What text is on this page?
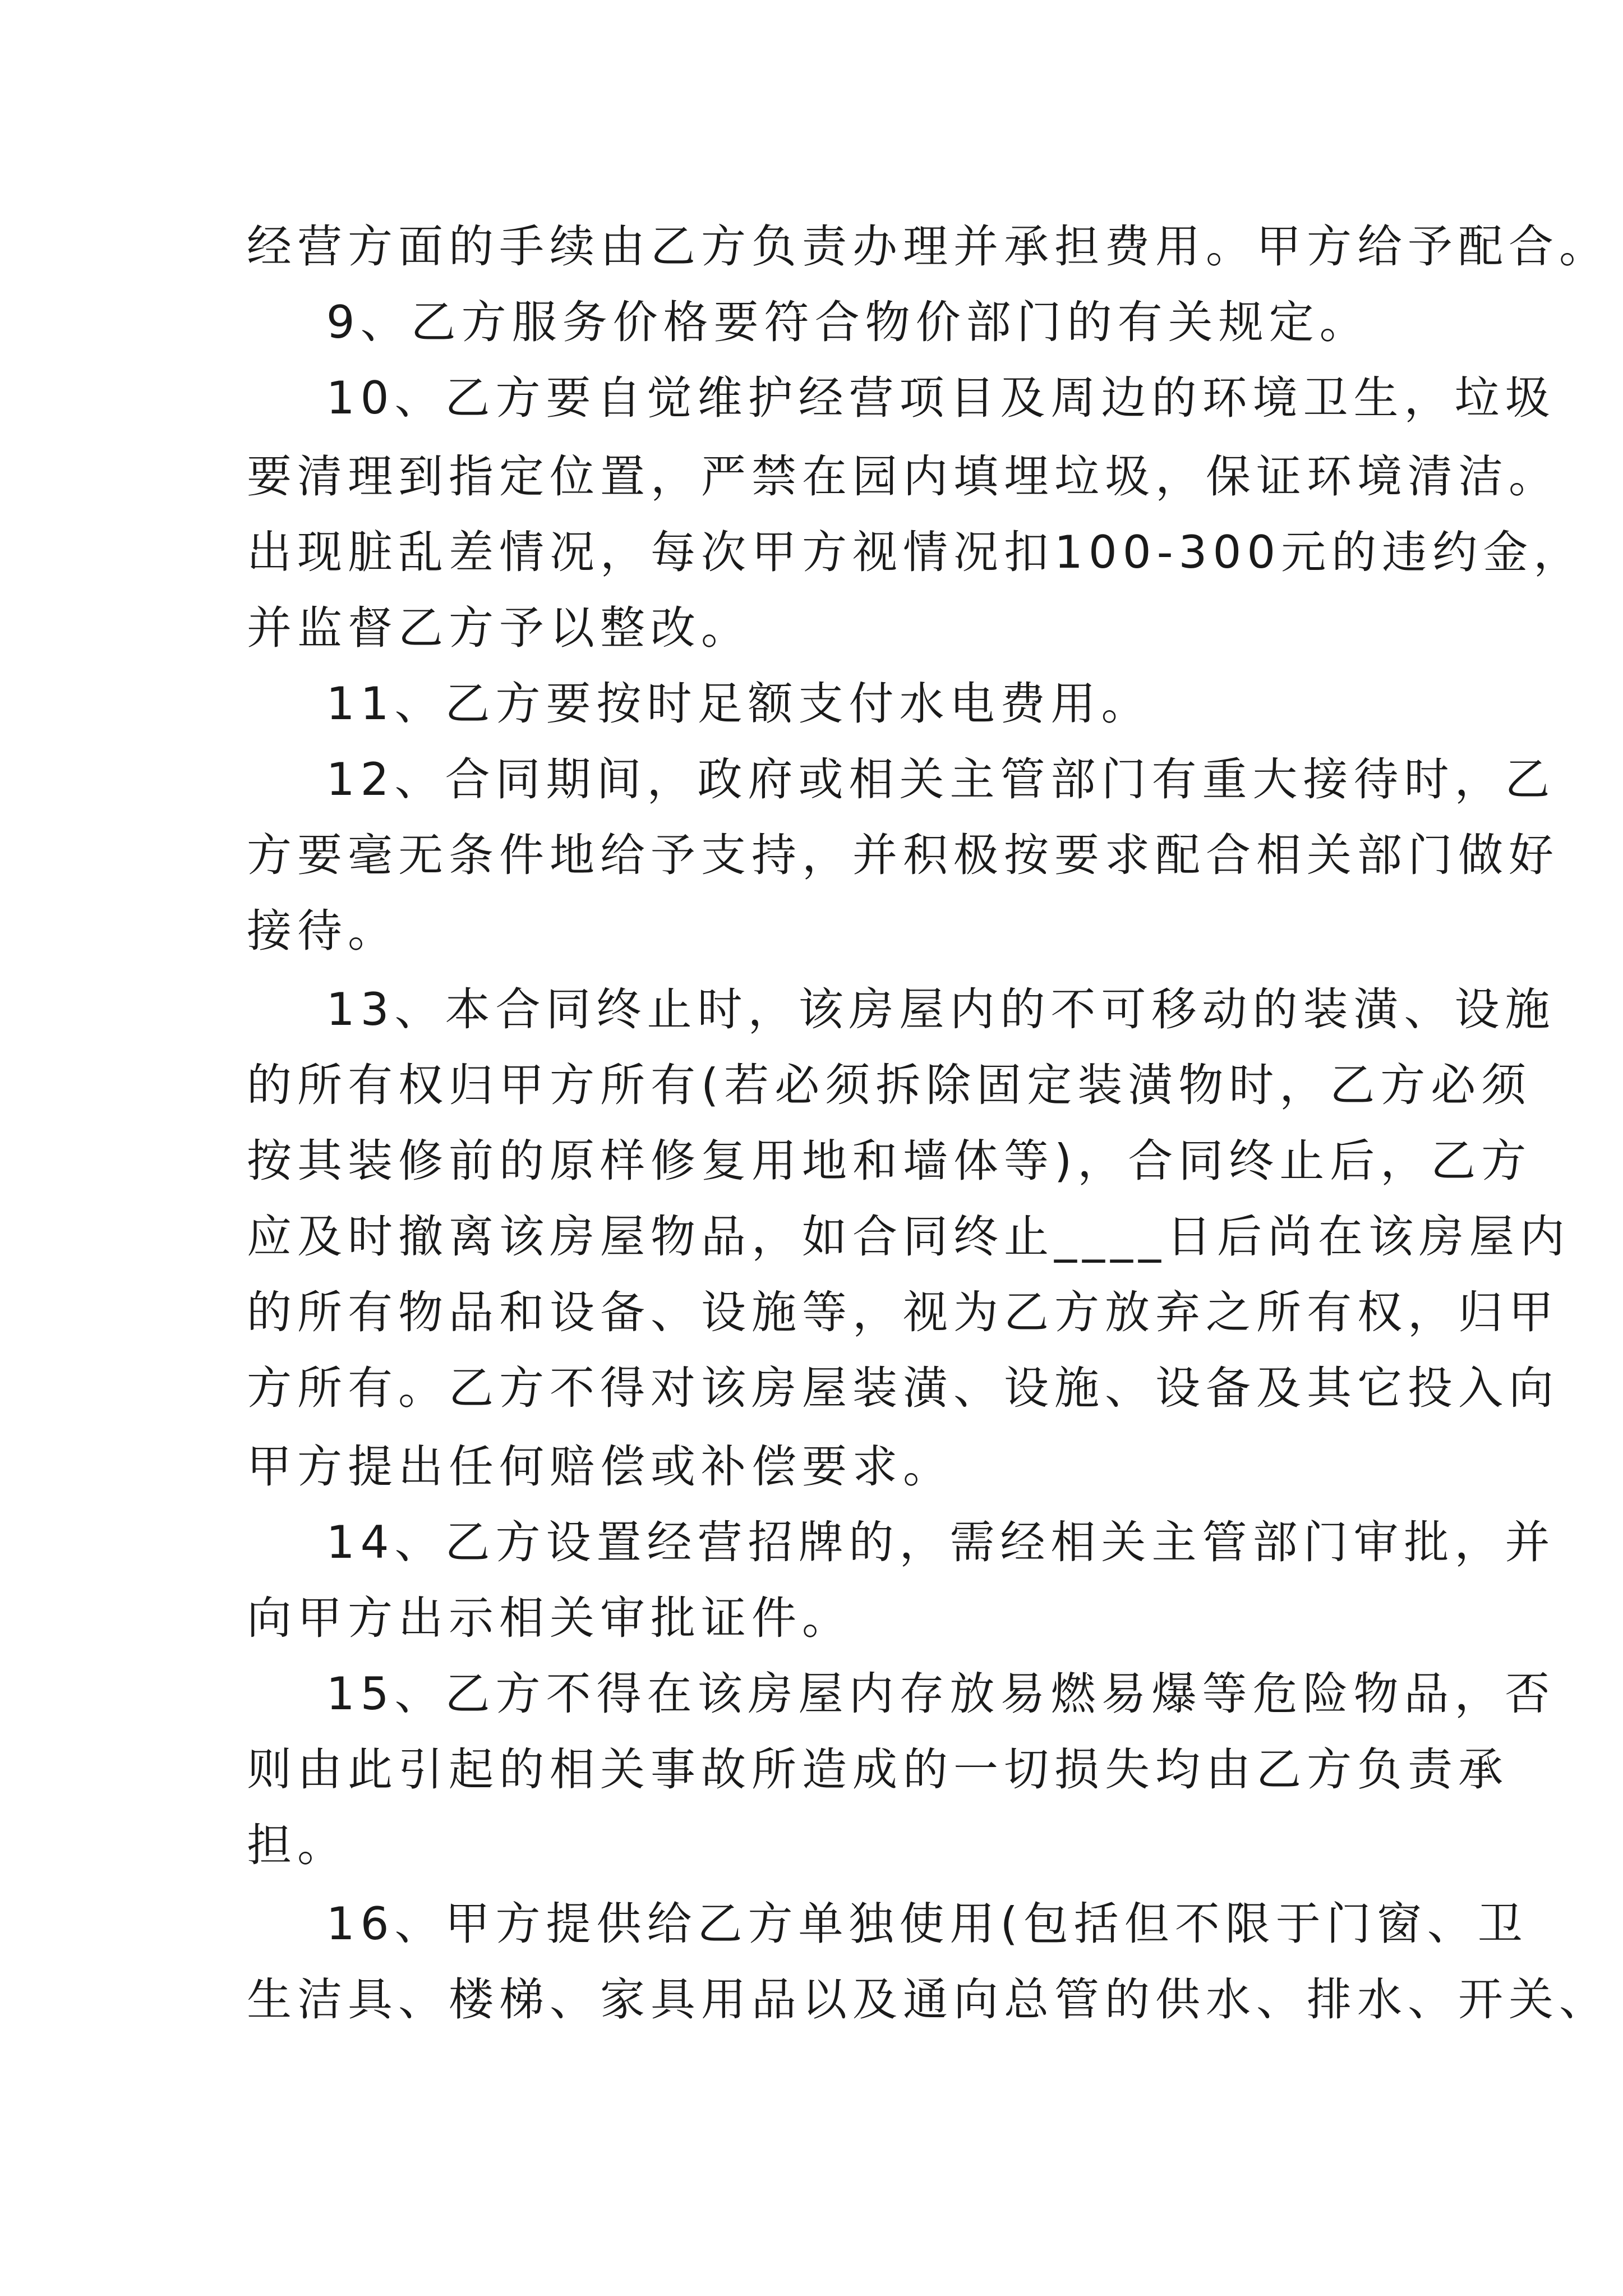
经营方面的手续由乙方负责办理并承担费用。甲方给予配合。
9、乙方服务价格要符合物价部门的有关规定。
10、乙方要自觉维护经营项目及周边的环境卫生，垃圾
要清理到指定位置，严禁在园内填埋垃圾，保证环境清洁。
出现脏乱差情况，每次甲方视情况扣100-300元的违约金，
并监督乙方予以整改。
11、乙方要按时足额支付水电费用。
12、合同期间，政府或相关主管部门有重大接待时，乙
方要毫无条件地给予支持，并积极按要求配合相关部门做好
接待。
13、本合同终止时，该房屋内的不可移动的装潢、设施
的所有权归甲方所有(若必须拆除固定装潢物时，乙方必须
按其装修前的原样修复用地和墙体等)，合同终止后，乙方
应及时撤离该房屋物品，如合同终止____日后尚在该房屋内
的所有物品和设备、设施等，视为乙方放弃之所有权，归甲
方所有。乙方不得对该房屋装潢、设施、设备及其它投入向
甲方提出任何赔偿或补偿要求。
14、乙方设置经营招牌的，需经相关主管部门审批，并
向甲方出示相关审批证件。
15、乙方不得在该房屋内存放易燃易爆等危险物品，否
则由此引起的相关事故所造成的一切损失均由乙方负责承
担。
16、甲方提供给乙方单独使用(包括但不限于门窗、卫
生洁具、楼梯、家具用品以及通向总管的供水、排水、开关、
